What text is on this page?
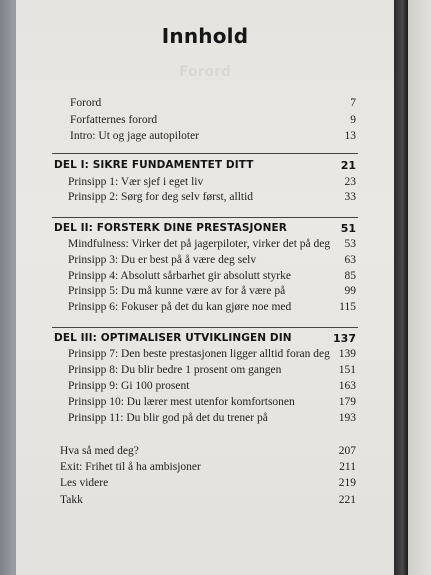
Innhold
Forord
Forord	7
Forfatternes forord	9
Intro: Ut og jage autopiloter	13
DEL I: SIKRE FUNDAMENTET DITT	21
Prinsipp 1: Vær sjef i eget liv	23
Prinsipp 2: Sørg for deg selv først, alltid	33
DEL II: FORSTERK DINE PRESTASJONER	51
Mindfulness: Virker det på jagerpiloter, virker det på deg 53
Prinsipp 3: Du er best på å være deg selv	63
Prinsipp 4: Absolutt sårbarhet gir absolutt styrke	85
Prinsipp 5: Du må kunne være av for å være på	99
Prinsipp 6: Fokuser på det du kan gjøre noe med	115
DEL III: OPTIMALISER UTVIKLINGEN DIN	137
Prinsipp 7: Den beste prestasjonen ligger alltid foran deg 139
Prinsipp 8: Du blir bedre 1 prosent om gangen	151
Prinsipp 9: Gi 100 prosent	163
Prinsipp 10: Du lærer mest utenfor komfortsonen	179
Prinsipp 11: Du blir god på det du trener på	193
Hva så med deg?	207
Exit: Frihet til å ha ambisjoner	211
Les videre	219
Takk	221
